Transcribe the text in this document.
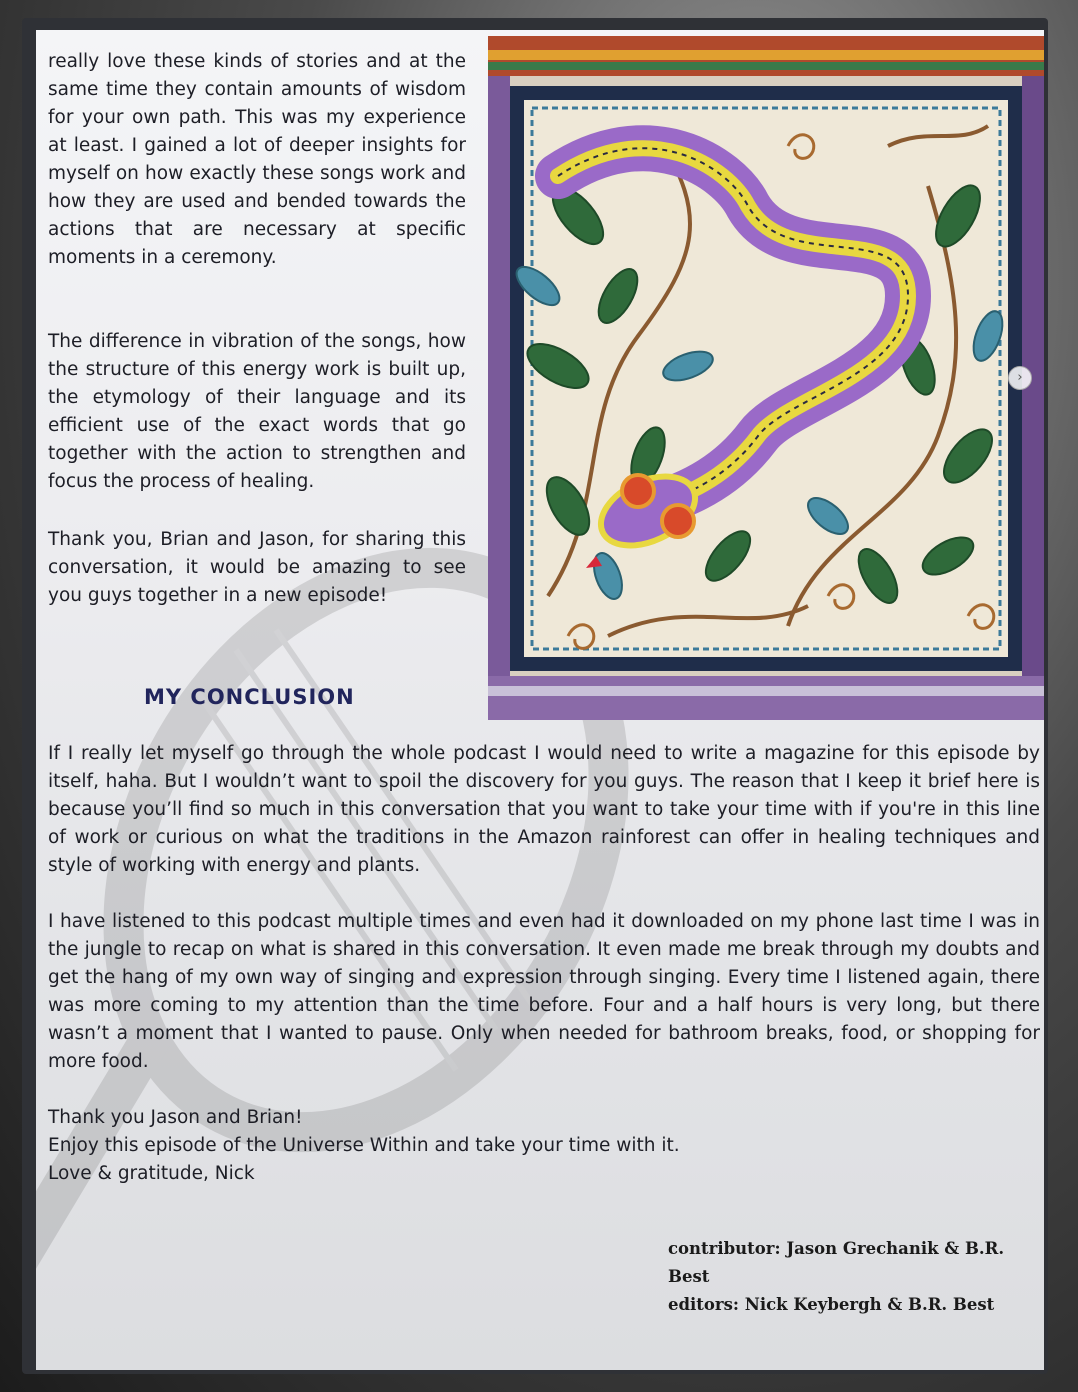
really love these kinds of stories and at the same time they contain amounts of wisdom for your own path. This was my experience at least. I gained a lot of deeper insights for myself on how exactly these songs work and how they are used and bended towards the actions that are necessary at specific moments in a ceremony.

The difference in vibration of the songs, how the structure of this energy work is built up, the etymology of their language and its efficient use of the exact words that go together with the action to strengthen and focus the process of healing.

Thank you, Brian and Jason, for sharing this conversation, it would be amazing to see you guys together in a new episode!

MY CONCLUSION

If I really let myself go through the whole podcast I would need to write a magazine for this episode by itself, haha. But I wouldn’t want to spoil the discovery for you guys. The reason that I keep it brief here is because you’ll find so much in this conversation that you want to take your time with if you're in this line of work or curious on what the traditions in the Amazon rainforest can offer in healing techniques and style of working with energy and plants.

I have listened to this podcast multiple times and even had it downloaded on my phone last time I was in the jungle to recap on what is shared in this conversation. It even made me break through my doubts and get the hang of my own way of singing and expression through singing. Every time I listened again, there was more coming to my attention than the time before. Four and a half hours is very long, but there wasn’t a moment that I wanted to pause. Only when needed for bathroom breaks, food, or shopping for more food.

Thank you Jason and Brian!
Enjoy this episode of the Universe Within and take your time with it.
Love & gratitude, Nick

contributor: Jason Grechanik & B.R. Best
editors: Nick Keybergh & B.R. Best

›
